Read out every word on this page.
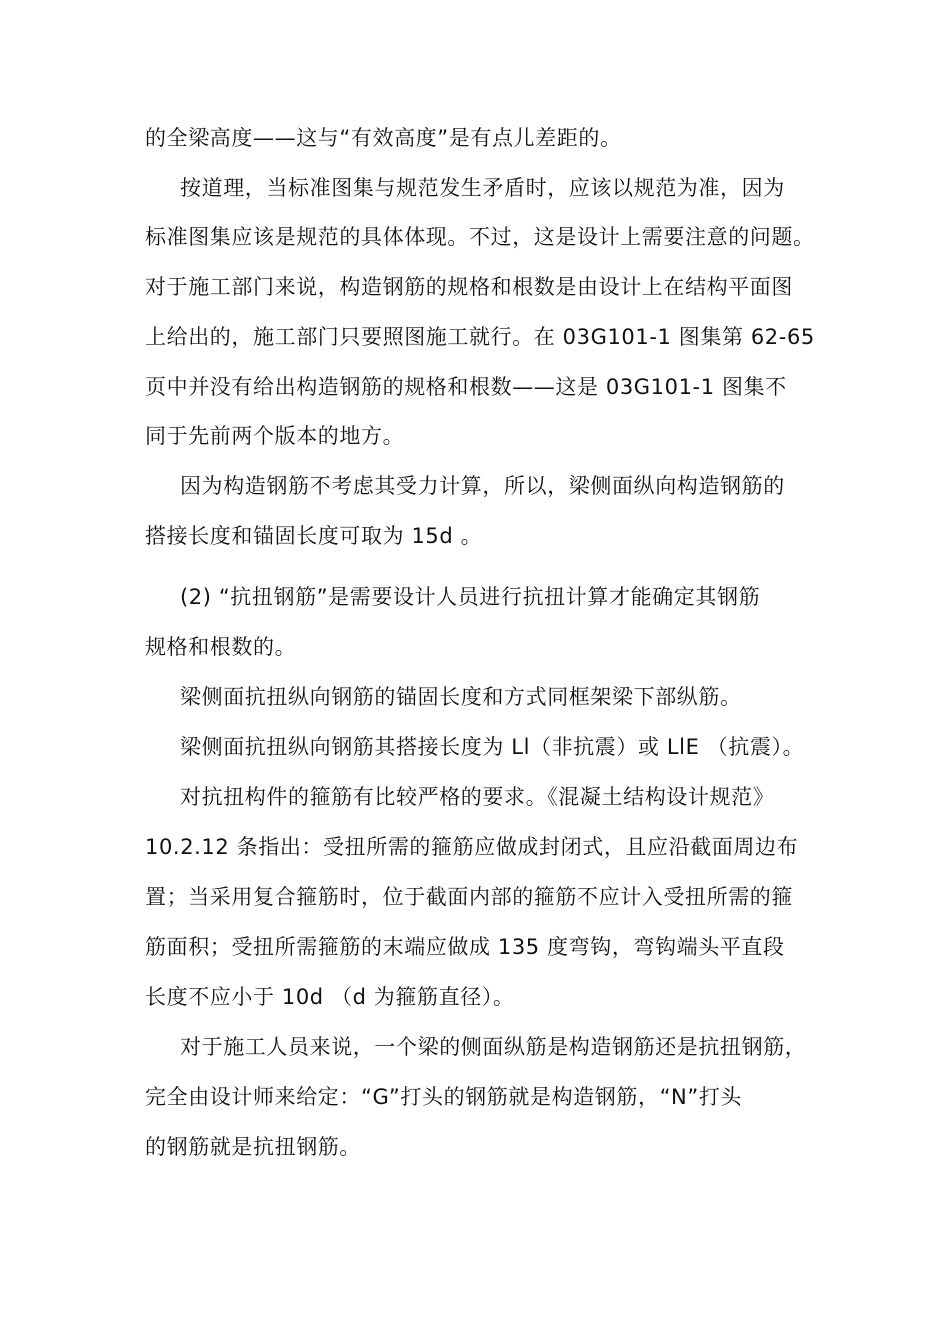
的全梁高度——这与“有效高度”是有点儿差距的。
按道理，当标准图集与规范发生矛盾时，应该以规范为准，因为
标准图集应该是规范的具体体现。不过，这是设计上需要注意的问题。
对于施工部门来说，构造钢筋的规格和根数是由设计上在结构平面图
上给出的，施工部门只要照图施工就行。在 03G101-1 图集第 62-65
页中并没有给出构造钢筋的规格和根数——这是 03G101-1 图集不
同于先前两个版本的地方。
因为构造钢筋不考虑其受力计算，所以，梁侧面纵向构造钢筋的
搭接长度和锚固长度可取为 15d 。
(2) “抗扭钢筋”是需要设计人员进行抗扭计算才能确定其钢筋
规格和根数的。
梁侧面抗扭纵向钢筋的锚固长度和方式同框架梁下部纵筋。
梁侧面抗扭纵向钢筋其搭接长度为 Ll（非抗震）或 LlE （抗震）。
对抗扭构件的箍筋有比较严格的要求。《混凝土结构设计规范》
10.2.12 条指出：受扭所需的箍筋应做成封闭式，且应沿截面周边布
置；当采用复合箍筋时，位于截面内部的箍筋不应计入受扭所需的箍
筋面积；受扭所需箍筋的末端应做成 135 度弯钩，弯钩端头平直段
长度不应小于 10d （d 为箍筋直径）。
对于施工人员来说，一个梁的侧面纵筋是构造钢筋还是抗扭钢筋，
完全由设计师来给定：“G”打头的钢筋就是构造钢筋，“N”打头
的钢筋就是抗扭钢筋。
